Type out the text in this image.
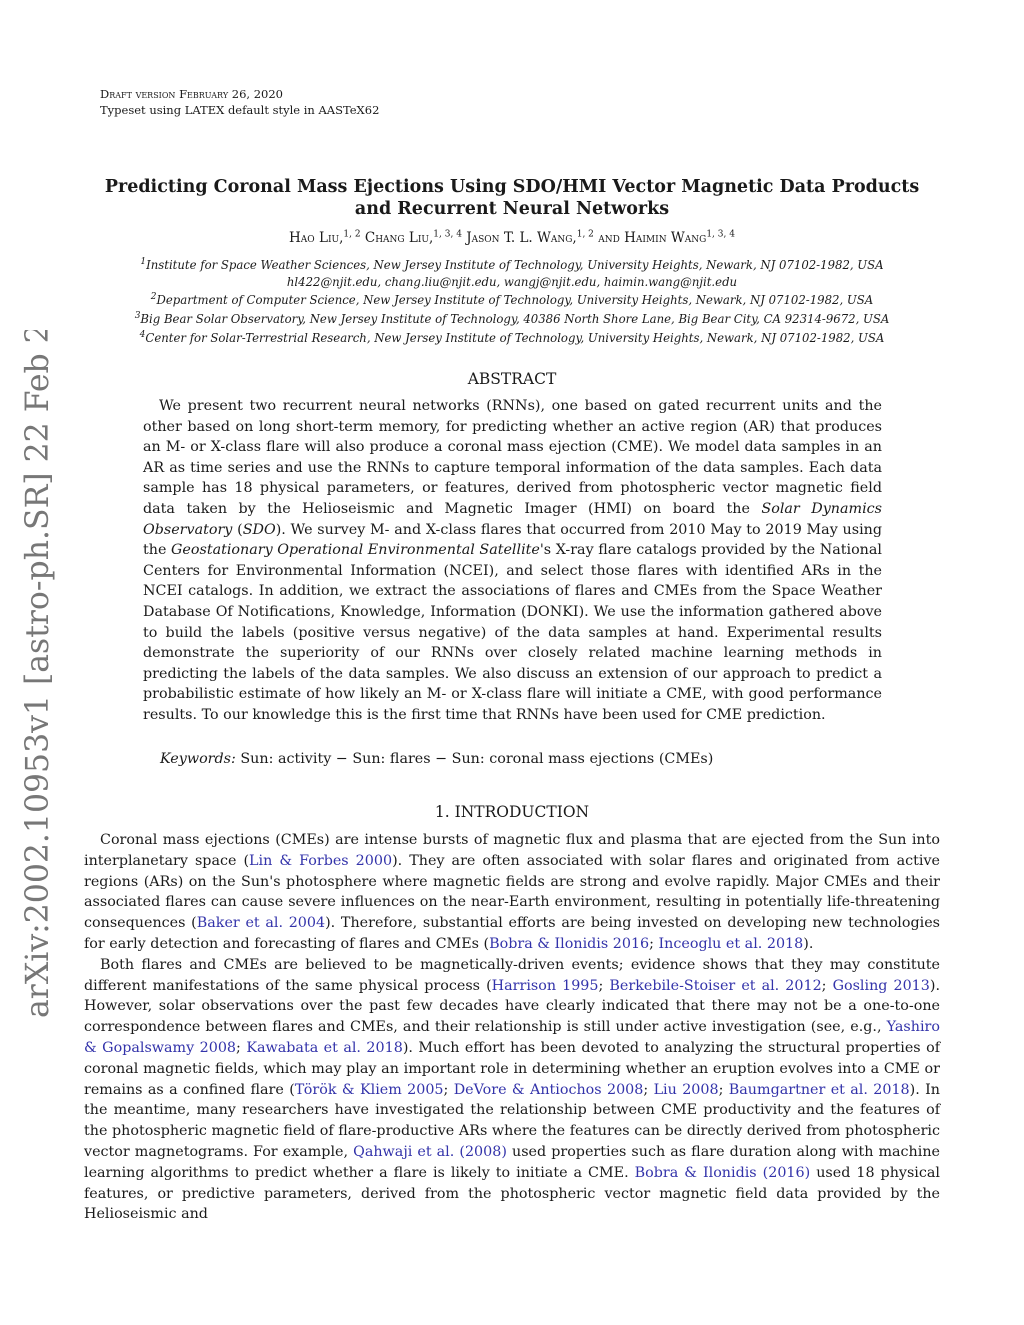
arXiv:2002.10953v1 [astro-ph.SR] 22 Feb 2020
Draft version February 26, 2020
Typeset using LATEX default style in AASTeX62
Predicting Coronal Mass Ejections Using SDO/HMI Vector Magnetic Data Products
and Recurrent Neural Networks
Hao Liu,$^{1, 2}$ Chang Liu,$^{1, 3, 4}$ Jason T. L. Wang,$^{1, 2}$ and Haimin Wang$^{1, 3, 4}$
$^1$Institute for Space Weather Sciences, New Jersey Institute of Technology, University Heights, Newark, NJ 07102-1982, USA
hl422@njit.edu, chang.liu@njit.edu, wangj@njit.edu, haimin.wang@njit.edu
$^2$Department of Computer Science, New Jersey Institute of Technology, University Heights, Newark, NJ 07102-1982, USA
$^3$Big Bear Solar Observatory, New Jersey Institute of Technology, 40386 North Shore Lane, Big Bear City, CA 92314-9672, USA
$^4$Center for Solar-Terrestrial Research, New Jersey Institute of Technology, University Heights, Newark, NJ 07102-1982, USA
ABSTRACT

We present two recurrent neural networks (RNNs), one based on gated recurrent units and the other based on long short-term memory, for predicting whether an active region (AR) that produces an M- or X-class flare will also produce a coronal mass ejection (CME). We model data samples in an AR as time series and use the RNNs to capture temporal information of the data samples. Each data sample has 18 physical parameters, or features, derived from photospheric vector magnetic field data taken by the Helioseismic and Magnetic Imager (HMI) on board the Solar Dynamics Observatory (SDO). We survey M- and X-class flares that occurred from 2010 May to 2019 May using the Geostationary Operational Environmental Satellite's X-ray flare catalogs provided by the National Centers for Environmental Information (NCEI), and select those flares with identified ARs in the NCEI catalogs. In addition, we extract the associations of flares and CMEs from the Space Weather Database Of Notifications, Knowledge, Information (DONKI). We use the information gathered above to build the labels (positive versus negative) of the data samples at hand. Experimental results demonstrate the superiority of our RNNs over closely related machine learning methods in predicting the labels of the data samples. We also discuss an extension of our approach to predict a probabilistic estimate of how likely an M- or X-class flare will initiate a CME, with good performance results. To our knowledge this is the first time that RNNs have been used for CME prediction.

Keywords: Sun: activity − Sun: flares − Sun: coronal mass ejections (CMEs)
1. INTRODUCTION

Coronal mass ejections (CMEs) are intense bursts of magnetic flux and plasma that are ejected from the Sun into interplanetary space (Lin & Forbes 2000). They are often associated with solar flares and originated from active regions (ARs) on the Sun's photosphere where magnetic fields are strong and evolve rapidly. Major CMEs and their associated flares can cause severe influences on the near-Earth environment, resulting in potentially life-threatening consequences (Baker et al. 2004). Therefore, substantial efforts are being invested on developing new technologies for early detection and forecasting of flares and CMEs (Bobra & Ilonidis 2016; Inceoglu et al. 2018).

Both flares and CMEs are believed to be magnetically-driven events; evidence shows that they may constitute different manifestations of the same physical process (Harrison 1995; Berkebile-Stoiser et al. 2012; Gosling 2013). However, solar observations over the past few decades have clearly indicated that there may not be a one-to-one correspondence between flares and CMEs, and their relationship is still under active investigation (see, e.g., Yashiro & Gopalswamy 2008; Kawabata et al. 2018). Much effort has been devoted to analyzing the structural properties of coronal magnetic fields, which may play an important role in determining whether an eruption evolves into a CME or remains as a confined flare (Török & Kliem 2005; DeVore & Antiochos 2008; Liu 2008; Baumgartner et al. 2018). In the meantime, many researchers have investigated the relationship between CME productivity and the features of the photospheric magnetic field of flare-productive ARs where the features can be directly derived from photospheric vector magnetograms. For example, Qahwaji et al. (2008) used properties such as flare duration along with machine learning algorithms to predict whether a flare is likely to initiate a CME. Bobra & Ilonidis (2016) used 18 physical features, or predictive parameters, derived from the photospheric vector magnetic field data provided by the Helioseismic and
